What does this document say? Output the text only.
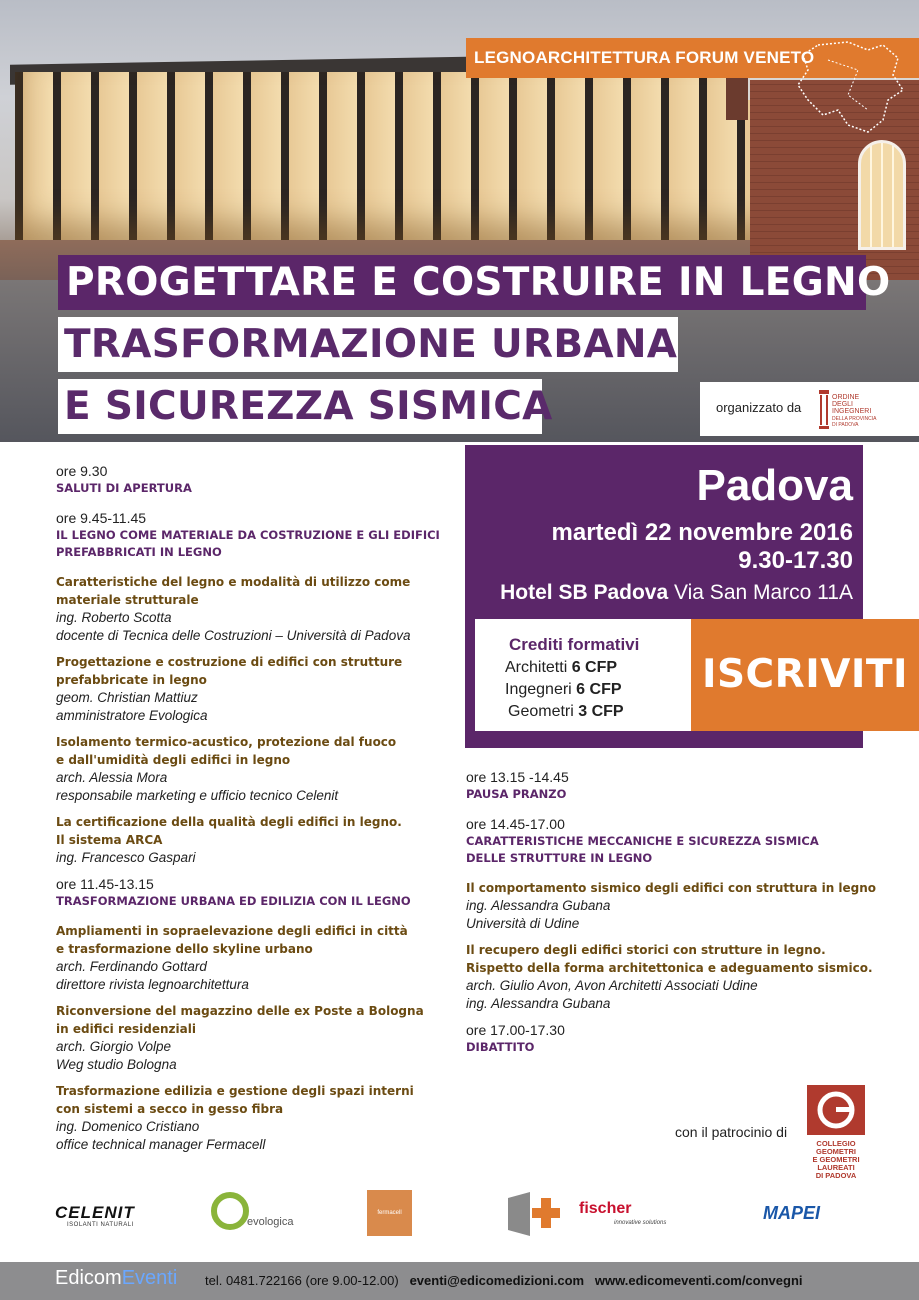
LEGNOARCHITETTURA FORUM VENETO
PROGETTARE E COSTRUIRE IN LEGNO
TRASFORMAZIONE URBANA
E SICUREZZA SISMICA	organizzato da
ORDINE
DEGLI
INGEGNERI
DELLA PROVINCIA
DI PADOVA
ore 9.30
SALUTI DI APERTURA
ore 9.45-11.45
IL LEGNO COME MATERIALE DA COSTRUZIONE E GLI EDIFICI
PREFABBRICATI IN LEGNO
Caratteristiche del legno e modalità di utilizzo come
materiale strutturale
ing. Roberto Scotta
docente di Tecnica delle Costruzioni – Università di Padova
Progettazione e costruzione di edifici con strutture
prefabbricate in legno
geom. Christian Mattiuz
amministratore Evologica
Isolamento termico-acustico, protezione dal fuoco
e dall'umidità degli edifici in legno
arch. Alessia Mora
responsabile marketing e ufficio tecnico Celenit
La certificazione della qualità degli edifici in legno.
Il sistema ARCA
ing. Francesco Gaspari
ore 11.45-13.15
TRASFORMAZIONE URBANA ED EDILIZIA CON IL LEGNO
Ampliamenti in sopraelevazione degli edifici in città
e trasformazione dello skyline urbano
arch. Ferdinando Gottard
direttore rivista legnoarchitettura
Riconversione del magazzino delle ex Poste a Bologna
in edifici residenziali
arch. Giorgio Volpe
Weg studio Bologna
Trasformazione edilizia e gestione degli spazi interni
con sistemi a secco in gesso fibra
ing. Domenico Cristiano
office technical manager Fermacell
Padova
martedì 22 novembre 2016
9.30-17.30
Hotel SB Padova Via San Marco 11A
Crediti formativi
Architetti 6 CFP
Ingegneri 6 CFP
Geometri 3 CFP
ISCRIVITI
ore 13.15 -14.45
PAUSA PRANZO
ore 14.45-17.00
CARATTERISTICHE MECCANICHE E SICUREZZA SISMICA
DELLE STRUTTURE IN LEGNO
Il comportamento sismico degli edifici con struttura in legno
ing. Alessandra Gubana
Università di Udine
Il recupero degli edifici storici con strutture in legno.
Rispetto della forma architettonica e adeguamento sismico.
arch. Giulio Avon, Avon Architetti Associati Udine
ing. Alessandra Gubana
ore 17.00-17.30
DIBATTITO
con il patrocinio di
COLLEGIO
GEOMETRI
E GEOMETRI
LAUREATI
DI PADOVA
CELENIT
ISOLANTI NATURALI	evologica
fermacell	fischer
innovative solutions	MAPEI
EdicomEventi tel. 0481.722166 (ore 9.00-12.00) eventi@edicomedizioni.com www.edicomeventi.com/convegni
